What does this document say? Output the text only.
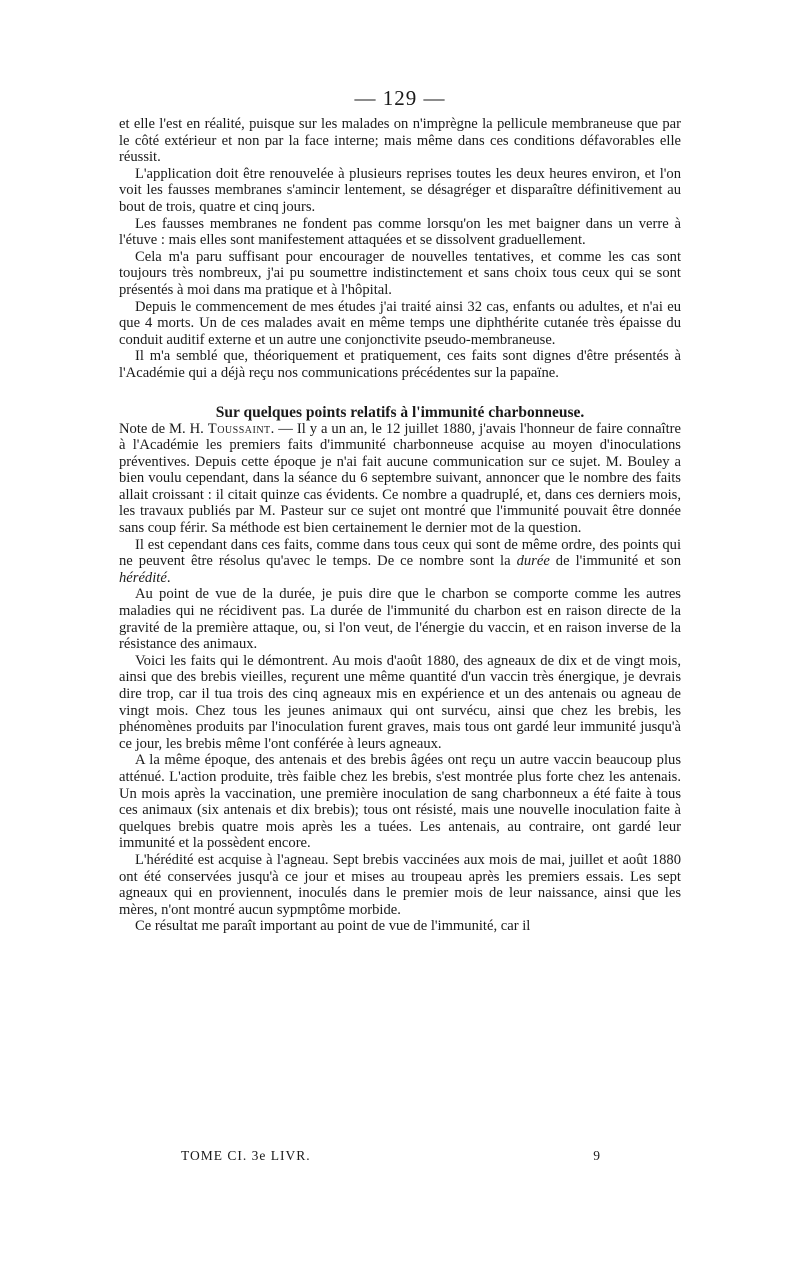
— 129 —

et elle l'est en réalité, puisque sur les malades on n'imprègne la pellicule membraneuse que par le côté extérieur et non par la face interne; mais même dans ces conditions défavorables elle réussit.

L'application doit être renouvelée à plusieurs reprises toutes les deux heures environ, et l'on voit les fausses membranes s'amincir lentement, se désagréger et disparaître définitivement au bout de trois, quatre et cinq jours.

Les fausses membranes ne fondent pas comme lorsqu'on les met baigner dans un verre à l'étuve : mais elles sont manifestement attaquées et se dissolvent graduellement.

Cela m'a paru suffisant pour encourager de nouvelles tentatives, et comme les cas sont toujours très nombreux, j'ai pu soumettre indistinctement et sans choix tous ceux qui se sont présentés à moi dans ma pratique et à l'hôpital.

Depuis le commencement de mes études j'ai traité ainsi 32 cas, enfants ou adultes, et n'ai eu que 4 morts. Un de ces malades avait en même temps une diphthérite cutanée très épaisse du conduit auditif externe et un autre une conjonctivite pseudo-membraneuse.

Il m'a semblé que, théoriquement et pratiquement, ces faits sont dignes d'être présentés à l'Académie qui a déjà reçu nos communications précédentes sur la papaïne.

Sur quelques points relatifs à l'immunité charbonneuse.

Note de M. H. Toussaint. — Il y a un an, le 12 juillet 1880, j'avais l'honneur de faire connaître à l'Académie les premiers faits d'immunité charbonneuse acquise au moyen d'inoculations préventives. Depuis cette époque je n'ai fait aucune communication sur ce sujet. M. Bouley a bien voulu cependant, dans la séance du 6 septembre suivant, annoncer que le nombre des faits allait croissant : il citait quinze cas évidents. Ce nombre a quadruplé, et, dans ces derniers mois, les travaux publiés par M. Pasteur sur ce sujet ont montré que l'immunité pouvait être donnée sans coup férir. Sa méthode est bien certainement le dernier mot de la question.

Il est cependant dans ces faits, comme dans tous ceux qui sont de même ordre, des points qui ne peuvent être résolus qu'avec le temps. De ce nombre sont la durée de l'immunité et son hérédité.

Au point de vue de la durée, je puis dire que le charbon se comporte comme les autres maladies qui ne récidivent pas. La durée de l'immunité du charbon est en raison directe de la gravité de la première attaque, ou, si l'on veut, de l'énergie du vaccin, et en raison inverse de la résistance des animaux.

Voici les faits qui le démontrent. Au mois d'août 1880, des agneaux de dix et de vingt mois, ainsi que des brebis vieilles, reçurent une même quantité d'un vaccin très énergique, je devrais dire trop, car il tua trois des cinq agneaux mis en expérience et un des antenais ou agneau de vingt mois. Chez tous les jeunes animaux qui ont survécu, ainsi que chez les brebis, les phénomènes produits par l'inoculation furent graves, mais tous ont gardé leur immunité jusqu'à ce jour, les brebis même l'ont conférée à leurs agneaux.

A la même époque, des antenais et des brebis âgées ont reçu un autre vaccin beaucoup plus atténué. L'action produite, très faible chez les brebis, s'est montrée plus forte chez les antenais. Un mois après la vaccination, une première inoculation de sang charbonneux a été faite à tous ces animaux (six antenais et dix brebis); tous ont résisté, mais une nouvelle inoculation faite à quelques brebis quatre mois après les a tuées. Les antenais, au contraire, ont gardé leur immunité et la possèdent encore.

L'hérédité est acquise à l'agneau. Sept brebis vaccinées aux mois de mai, juillet et août 1880 ont été conservées jusqu'à ce jour et mises au troupeau après les premiers essais. Les sept agneaux qui en proviennent, inoculés dans le premier mois de leur naissance, ainsi que les mères, n'ont montré aucun sypmptôme morbide.

Ce résultat me paraît important au point de vue de l'immunité, car il

TOME CI. 3e LIVR.	9
